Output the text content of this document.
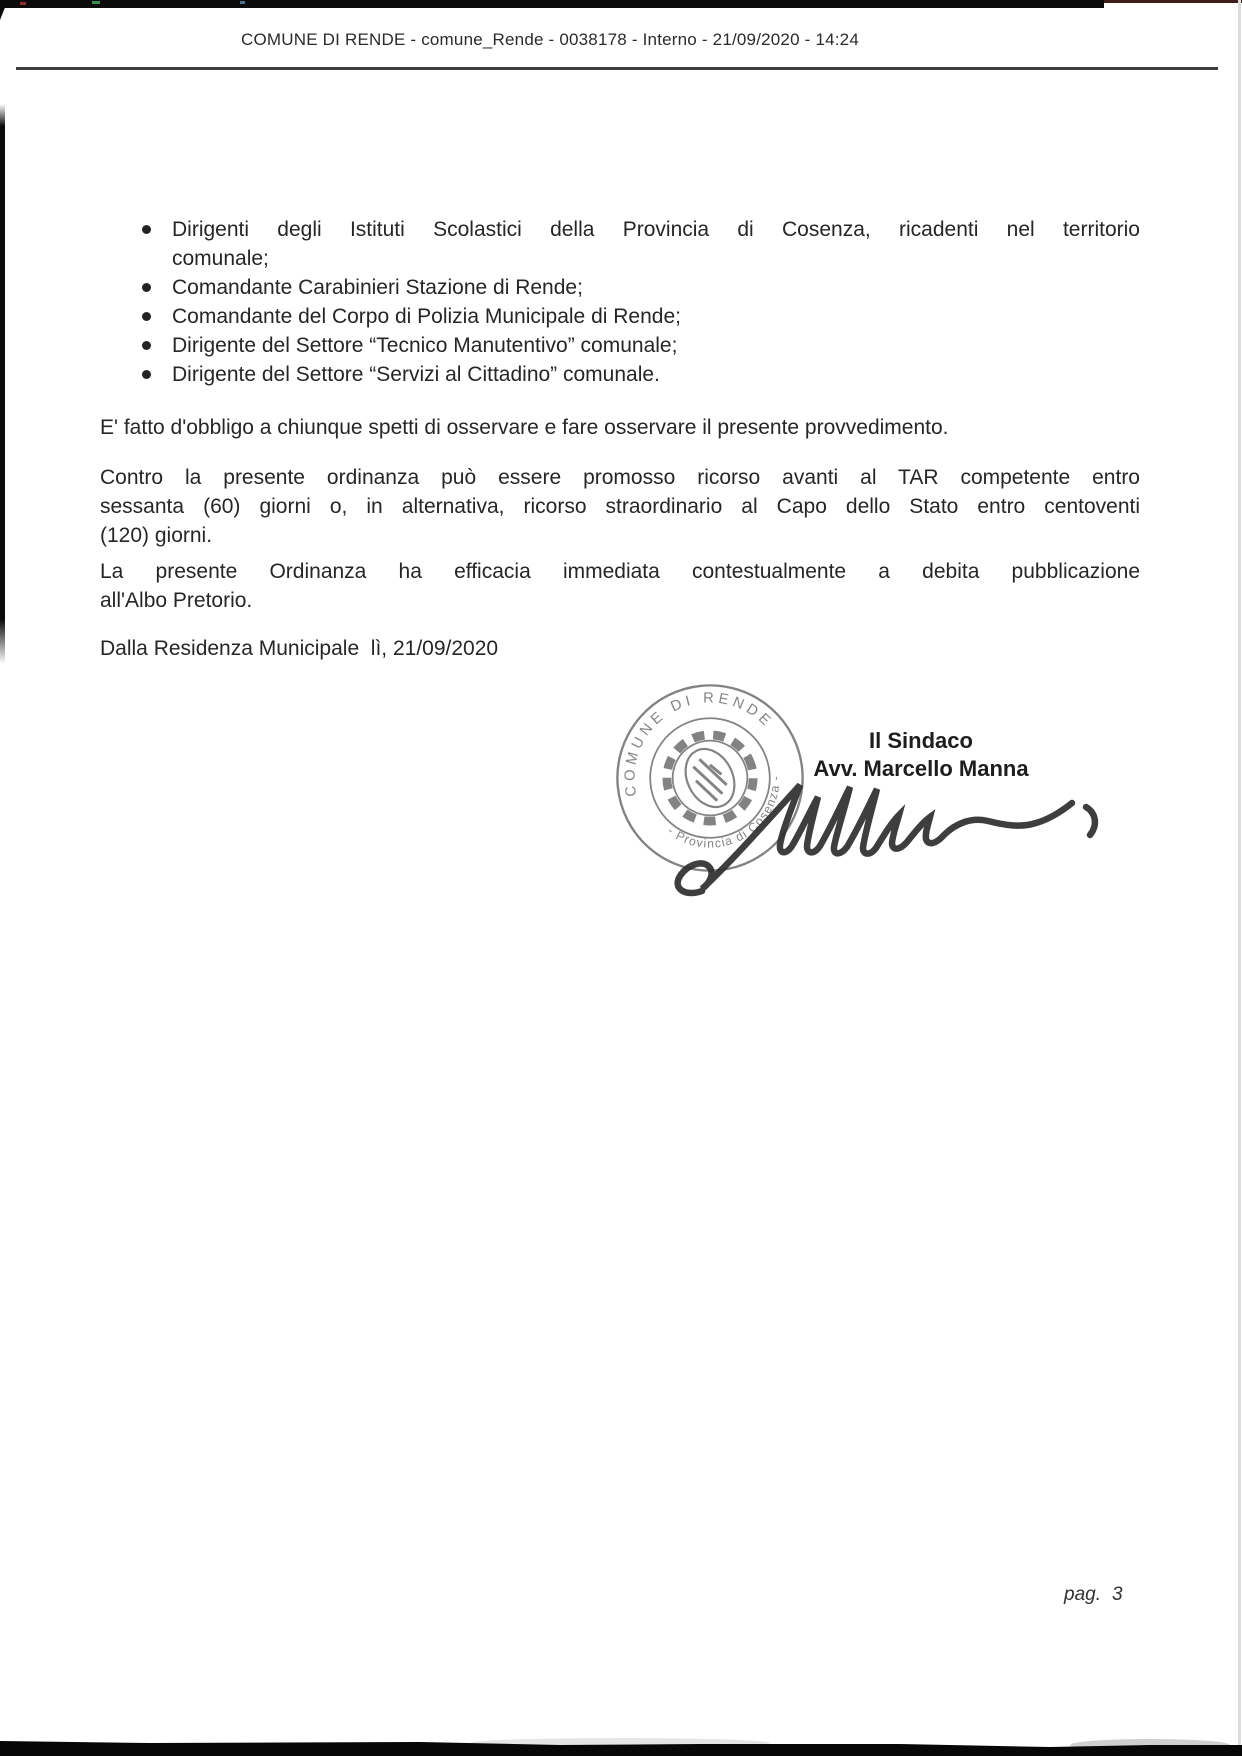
COMUNE DI RENDE - comune_Rende - 0038178 - Interno - 21/09/2020 - 14:24
Dirigenti degli Istituti Scolastici della Provincia di Cosenza, ricadenti nel territorio
comunale;
Comandante Carabinieri Stazione di Rende;
Comandante del Corpo di Polizia Municipale di Rende;
Dirigente del Settore “Tecnico Manutentivo” comunale;
Dirigente del Settore “Servizi al Cittadino” comunale.
E' fatto d'obbligo a chiunque spetti di osservare e fare osservare il presente provvedimento.
Contro la presente ordinanza può essere promosso ricorso avanti al TAR competente entro
sessanta (60) giorni o, in alternativa, ricorso straordinario al Capo dello Stato entro centoventi
(120) giorni.
La presente Ordinanza ha efficacia immediata contestualmente a debita pubblicazione
all'Albo Pretorio.
Dalla Residenza Municipale  lì, 21/09/2020
COMUNE DI RENDE
- Provincia di Cosenza -
Il Sindaco
Avv. Marcello Manna
pag. 3
